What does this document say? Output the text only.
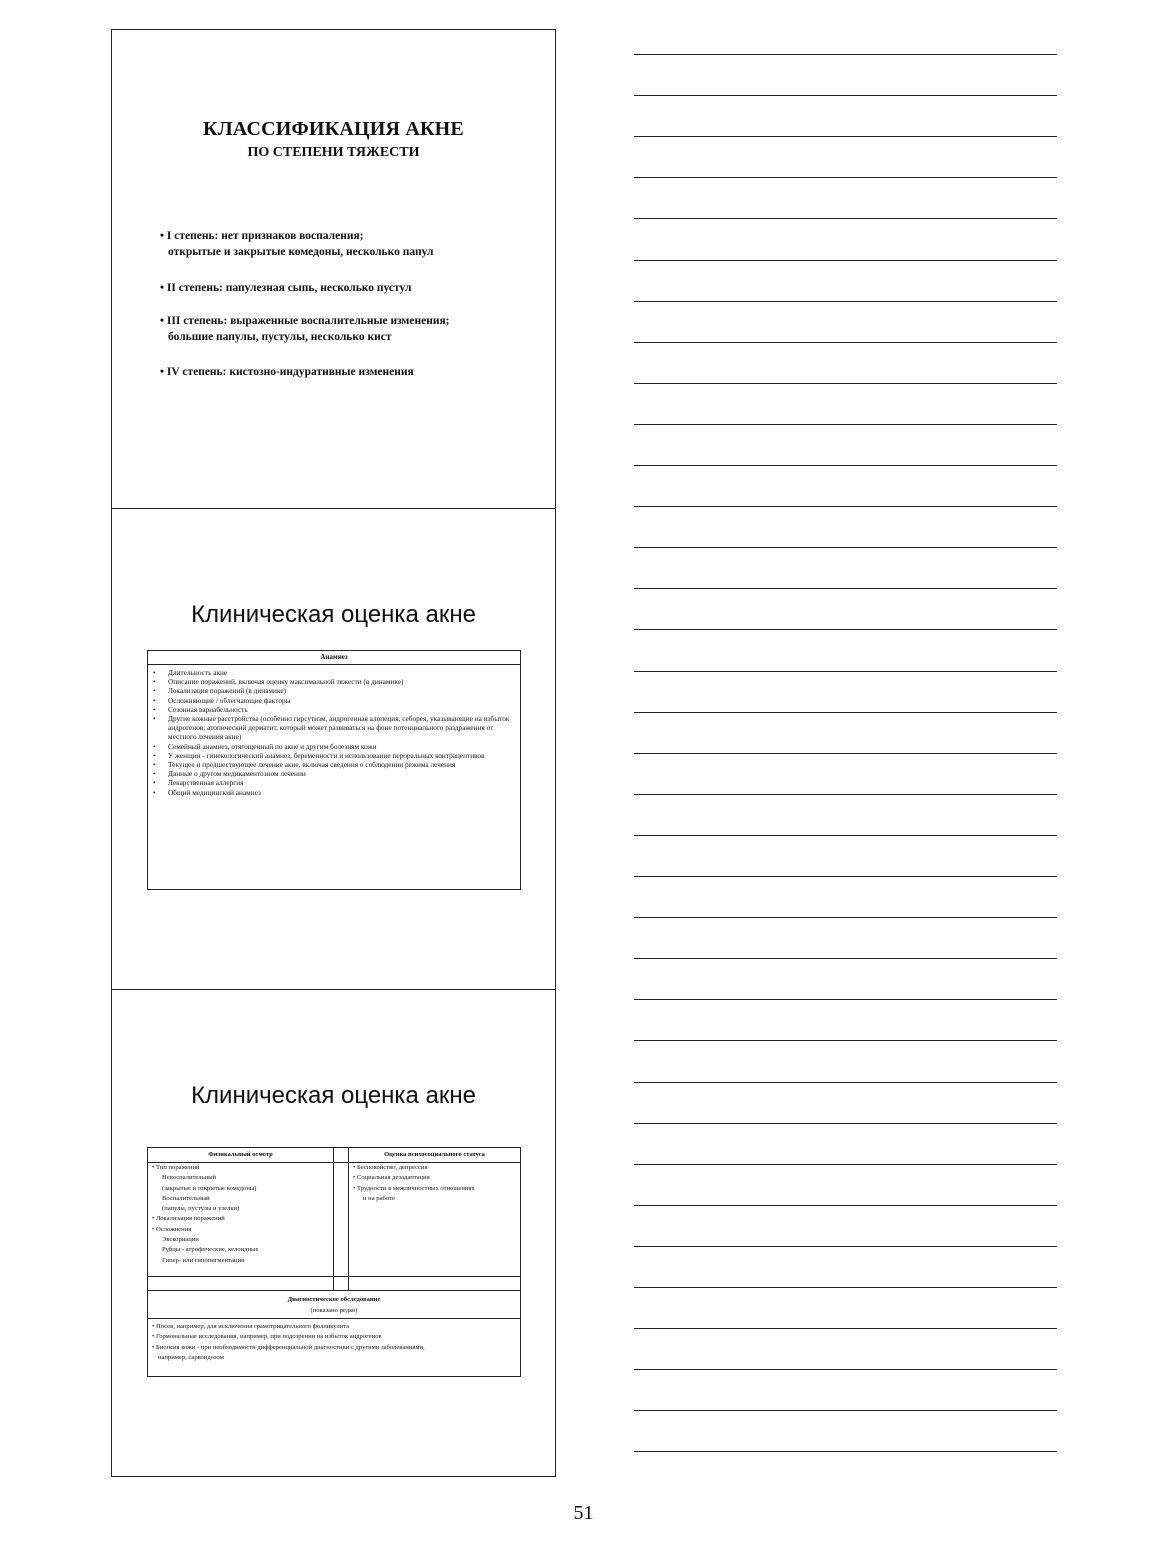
КЛАССИФИКАЦИЯ АКНЕ
ПО СТЕПЕНИ ТЯЖЕСТИ
• I степень: нет признаков воспаления;
открытые и закрытые комедоны, несколько папул
• II степень: папулезная сыпь, несколько пустул
• III степень: выраженные воспалительные изменения;
большие папулы, пустулы, несколько кист
• IV степень: кистозно-индуративные изменения
Клиническая оценка акне
Анамнез
• Длительность акне
• Описание поражений, включая оценку максимальной тяжести (в динамике)
• Локализация поражений (в динамике)
• Осложняющие / облегчающие факторы
• Сезонная вариабельность
• Другие кожные расстройства (особенно гирсутизм, андрогенная алопеция, себорея, указывающие на избыток андрогенов; атопический дерматит, который может развиваться на фоне потенциального раздражения от местного лечения акне)
• Семейный анамнез, отягощенный по акне и другим болезням кожи
• У женщин - гинекологический анамнез, беременности и использование пероральных контрацептивов
• Текущее и предшествующее лечение акне, включая сведения о соблюдении режима лечения
• Данные о другом медикаментозном лечении
• Лекарственная аллергия
• Общий медицинский анамнез
Клиническая оценка акне
Физикальный осмотр
• Тип поражений
Невоспалительный
(закрытые и открытые комедоны)
Воспалительный
(папулы, пустулы и узелки)
• Локализация поражений
• Осложнения
Экскориации
Рубцы - атрофические, келоидные
Гипер- или гипопигментация
Оценка психосоциального статуса
• Беспокойство, депрессия
• Социальная дезадаптация
• Трудности в межличностных отношениях
и на работе
Диагностическое обследование
(показано редко)
• Посев, например, для исключения грамотрицательного фолликулита
• Гормональные исследования, например, при подозрении на избыток андрогенов
• Биопсия кожи - при необходимости дифференциальной диагностики с другими заболеваниями,
например, саркоидозом
51
